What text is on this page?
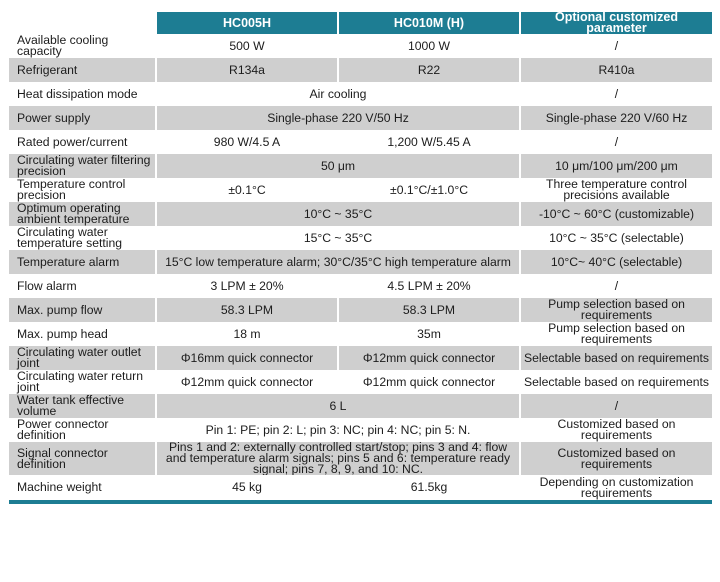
	HC005H	HC010M (H)	Optional customized parameter
Available cooling capacity	500 W	1000 W	/
Refrigerant	R134a	R22	R410a
Heat dissipation mode	Air cooling		/
Power supply	Single-phase 220 V/50 Hz		Single-phase 220 V/60 Hz
Rated power/current	980 W/4.5 A	1,200 W/5.45 A	/
Circulating water filtering precision	50 μm		10 μm/100 μm/200 μm
Temperature control precision	±0.1°C	±0.1°C/±1.0°C	Three temperature control precisions available
Optimum operating ambient temperature	10°C ~ 35°C		-10°C ~ 60°C (customizable)
Circulating water temperature setting	15°C ~ 35°C		10°C ~ 35°C (selectable)
Temperature alarm	15°C low temperature alarm; 30°C/35°C high temperature alarm		10°C~ 40°C (selectable)
Flow alarm	3 LPM ± 20%	4.5 LPM ± 20%	/
Max. pump flow	58.3 LPM	58.3 LPM	Pump selection based on requirements
Max. pump head	18 m	35m	Pump selection based on requirements
Circulating water outlet joint	Φ16mm quick connector	Φ12mm quick connector	Selectable based on requirements
Circulating water return joint	Φ12mm quick connector	Φ12mm quick connector	Selectable based on requirements
Water tank effective volume	6 L		/
Power connector definition	Pin 1: PE; pin 2: L; pin 3: NC; pin 4: NC; pin 5: N.		Customized based on requirements
Signal connector definition	Pins 1 and 2: externally controlled start/stop; pins 3 and 4: flow and temperature alarm signals; pins 5 and 6: temperature ready signal; pins 7, 8, 9, and 10: NC.		Customized based on requirements
Machine weight	45 kg	61.5kg	Depending on customization requirements
